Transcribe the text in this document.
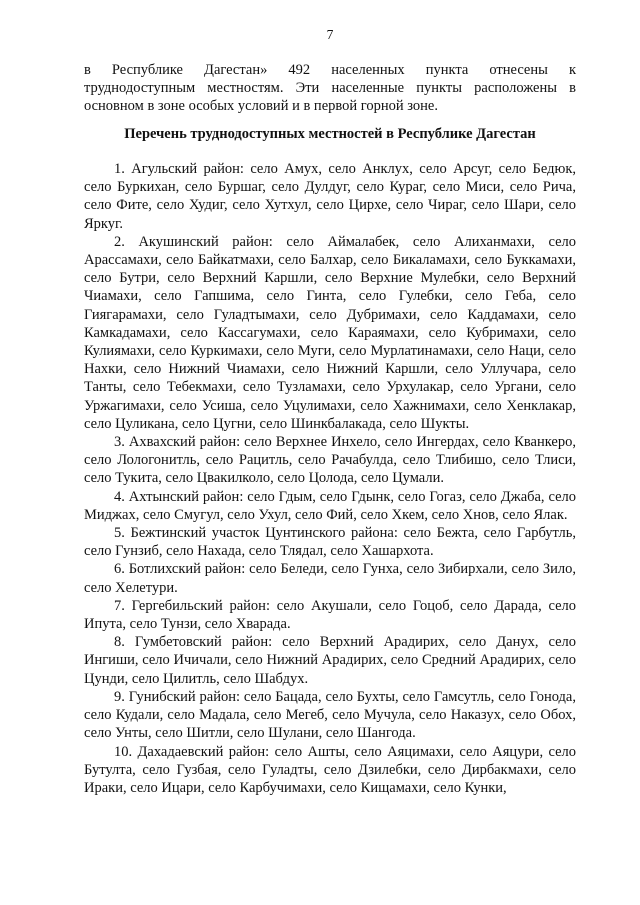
7
в Республике Дагестан» 492 населенных пункта отнесены к
труднодоступным местностям. Эти населенные пункты расположены в
основном в зоне особых условий и в первой горной зоне.
Перечень труднодоступных местностей в Республике Дагестан

1. Агульский район: село Амух, село Анклух, село Арсуг, село Бедюк, село Буркихан, село Буршаг, село Дулдуг, село Кураг, село Миси, село Рича, село Фите, село Худиг, село Хутхул, село Цирхе, село Чираг, село Шари, село Яркуг.

2. Акушинский район: село Аймалабек, село Алиханмахи, село Арассамахи, село Байкатмахи, село Балхар, село Бикаламахи, село Буккамахи, село Бутри, село Верхний Каршли, село Верхние Мулебки, село Верхний Чиамахи, село Гапшима, село Гинта, село Гулебки, село Геба, село Гиягарамахи, село Гуладтымахи, село Дубримахи, село Каддамахи, село Камкадамахи, село Кассагумахи, село Караямахи, село Кубримахи, село Кулиямахи, село Куркимахи, село Муги, село Мурлатинамахи, село Наци, село Нахки, село Нижний Чиамахи, село Нижний Каршли, село Уллучара, село Танты, село Тебекмахи, село Тузламахи, село Урхулакар, село Ургани, село Уржагимахи, село Усиша, село Уцулимахи, село Хажнимахи, село Хенклакар, село Цуликана, село Цугни, село Шинкбалакада, село Шукты.

3. Ахвахский район: село Верхнее Инхело, село Ингердах, село Кванкеро, село Лологонитль, село Рацитль, село Рачабулда, село Тлибишо, село Тлиси, село Тукита, село Цвакилколо, село Цолода, село Цумали.

4. Ахтынский район: село Гдым, село Гдынк, село Гогаз, село Джаба, село Миджах, село Смугул, село Ухул, село Фий, село Хкем, село Хнов, село Ялак.

5. Бежтинский участок Цунтинского района: село Бежта, село Гарбутль, село Гунзиб, село Нахада, село Тлядал, село Хашархота.

6. Ботлихский район: село Беледи, село Гунха, село Зибирхали, село Зило, село Хелетури.

7. Гергебильский район: село Акушали, село Гоцоб, село Дарада, село Ипута, село Тунзи, село Хварада.

8. Гумбетовский район: село Верхний Арадирих, село Данух, село Ингиши, село Ичичали, село Нижний Арадирих, село Средний Арадирих, село Цунди, село Цилитль, село Шабдух.

9. Гунибский район: село Бацада, село Бухты, село Гамсутль, село Гонода, село Кудали, село Мадала, село Мегеб, село Мучула, село Наказух, село Обох, село Унты, село Шитли, село Шулани, село Шангода.

10. Дахадаевский район: село Ашты, село Аяцимахи, село Аяцури, село Бутулта, село Гузбая, село Гуладты, село Дзилебки, село Дирбакмахи, село Ираки, село Ицари, село Карбучимахи, село Кищамахи, село Кунки,
